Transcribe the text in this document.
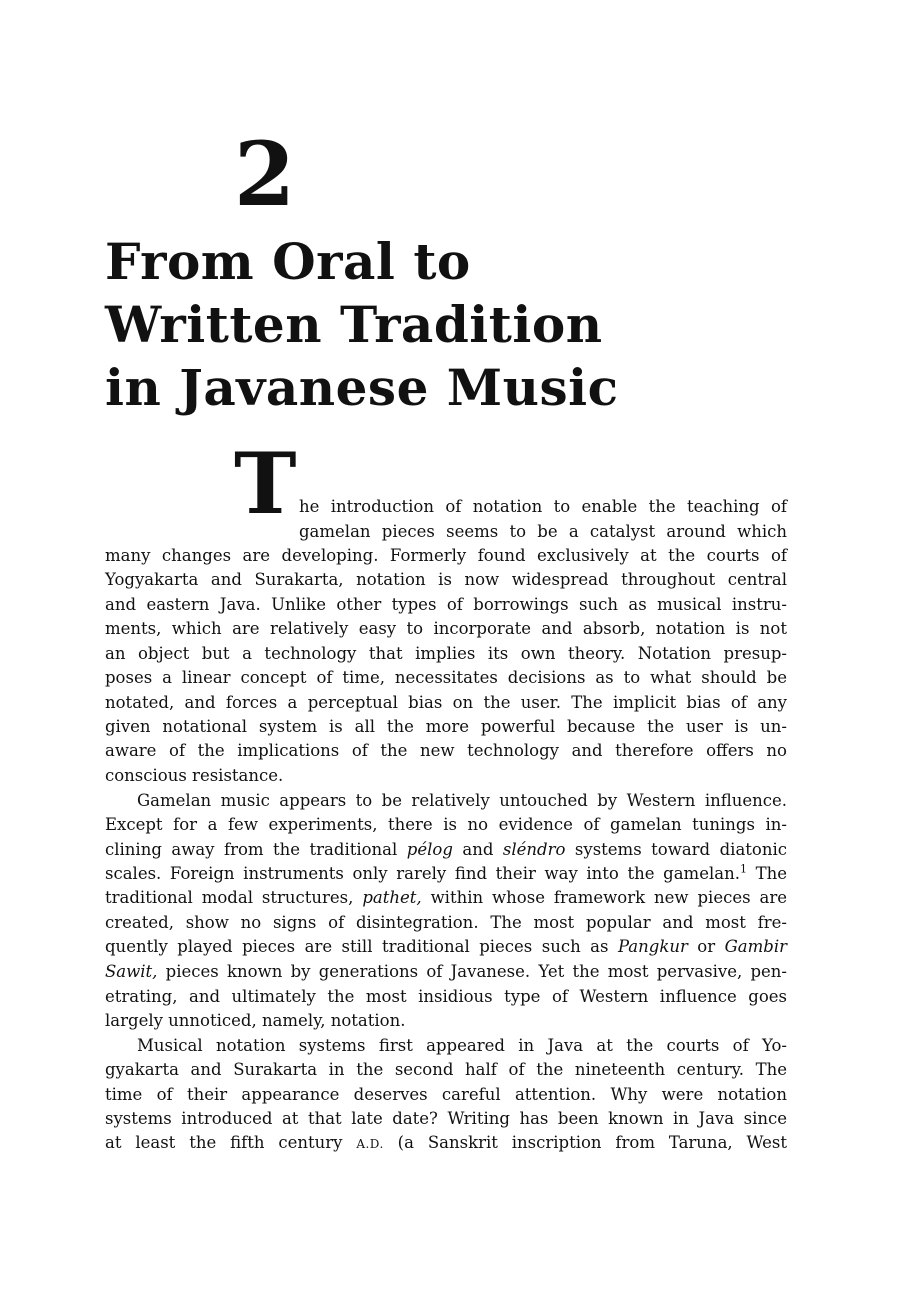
2
From Oral to
Written Tradition
in Javanese Music
T he introduction of notation to enable the teaching of
gamelan pieces seems to be a catalyst around which
many changes are developing. Formerly found exclusively at the courts of
Yogyakarta and Surakarta, notation is now widespread throughout central
and eastern Java. Unlike other types of borrowings such as musical instru-
ments, which are relatively easy to incorporate and absorb, notation is not
an object but a technology that implies its own theory. Notation presup-
poses a linear concept of time, necessitates decisions as to what should be
notated, and forces a perceptual bias on the user. The implicit bias of any
given notational system is all the more powerful because the user is un-
aware of the implications of the new technology and therefore offers no
conscious resistance.
Gamelan music appears to be relatively untouched by Western influence.
Except for a few experiments, there is no evidence of gamelan tunings in-
clining away from the traditional pélog and sléndro systems toward diatonic
scales. Foreign instruments only rarely find their way into the gamelan.$^1$ The
traditional modal structures, pathet, within whose framework new pieces are
created, show no signs of disintegration. The most popular and most fre-
quently played pieces are still traditional pieces such as Pangkur or Gambir
Sawit, pieces known by generations of Javanese. Yet the most pervasive, pen-
etrating, and ultimately the most insidious type of Western influence goes
largely unnoticed, namely, notation.
Musical notation systems first appeared in Java at the courts of Yo-
gyakarta and Surakarta in the second half of the nineteenth century. The
time of their appearance deserves careful attention. Why were notation
systems introduced at that late date? Writing has been known in Java since
at least the fifth century A.D. (a Sanskrit inscription from Taruna, West
